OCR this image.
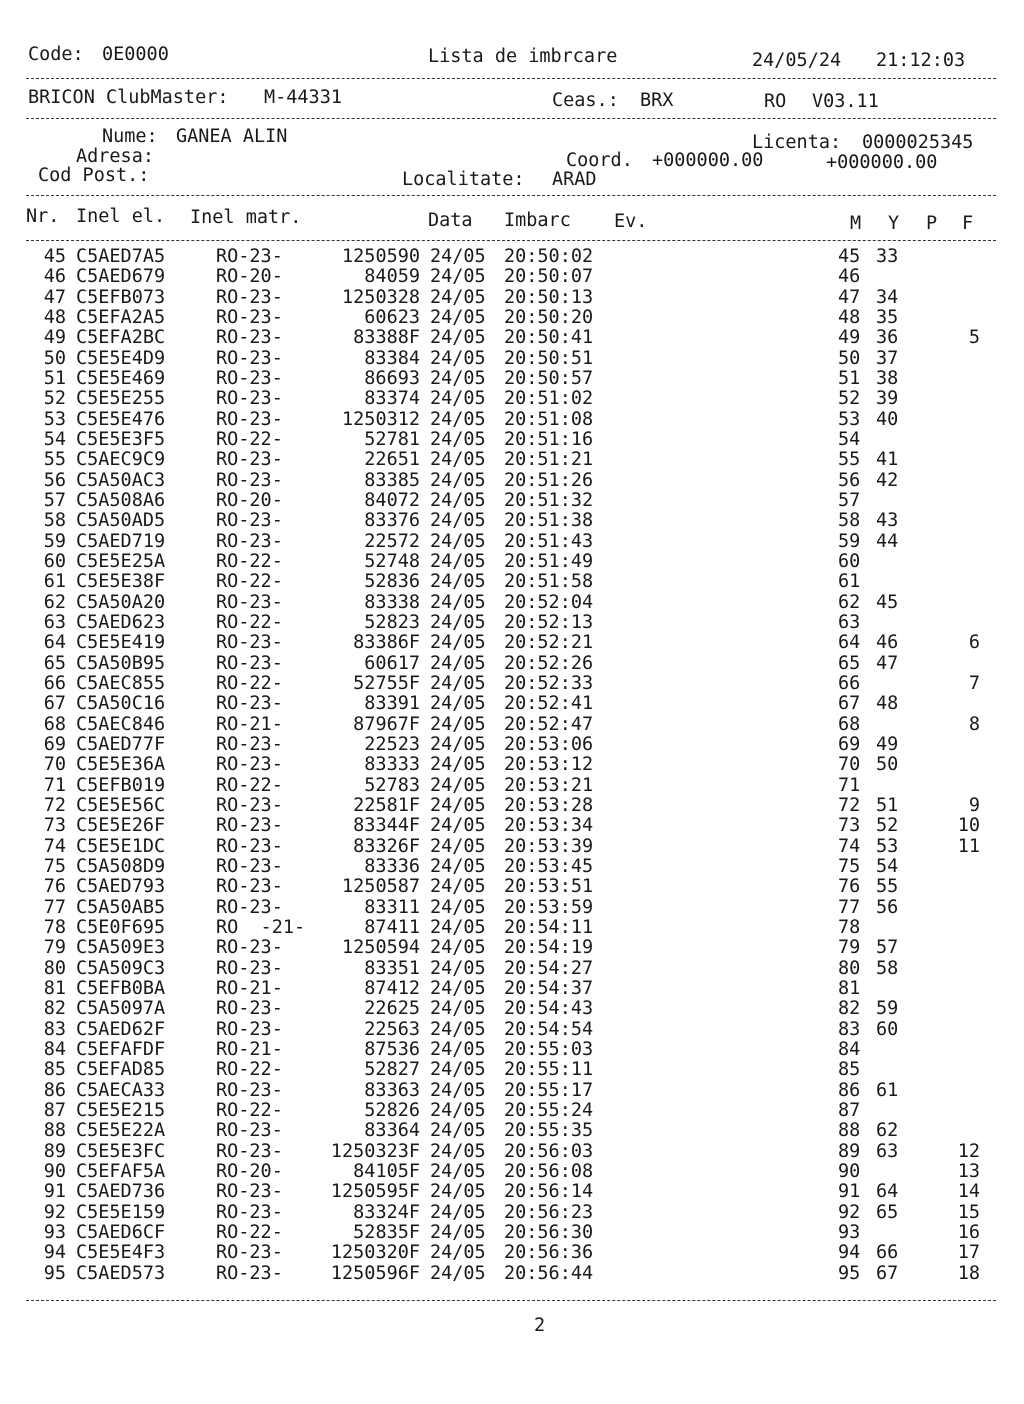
Code: 0E0000	Lista de imbrcare	24/05/24 21:12:03
BRICON ClubMaster: M-44331	Ceas.: BRX	RO V03.11
Nume: GANEA ALIN	Licenta: 0000025345
Adresa:	Coord. +000000.00	+000000.00
Cod Post.:	Localitate: ARAD
Nr. Inel el. Inel matr.	Data Imbarc Ev.	M Y P F
45 C5AED7A5	RO-23-	1250590 24/05 20:50:02	45 33
46 C5AED679	RO-20-	84059 24/05 20:50:07	46
47 C5EFB073	RO-23-	1250328 24/05 20:50:13	47 34
48 C5EFA2A5	RO-23-	60623 24/05 20:50:20	48 35
49 C5EFA2BC	RO-23-	83388F 24/05 20:50:41	49 36	5
50 C5E5E4D9	RO-23-	83384 24/05 20:50:51	50 37
51 C5E5E469	RO-23-	86693 24/05 20:50:57	51 38
52 C5E5E255	RO-23-	83374 24/05 20:51:02	52 39
53 C5E5E476	RO-23-	1250312 24/05 20:51:08	53 40
54 C5E5E3F5	RO-22-	52781 24/05 20:51:16	54
55 C5AEC9C9	RO-23-	22651 24/05 20:51:21	55 41
56 C5A50AC3	RO-23-	83385 24/05 20:51:26	56 42
57 C5A508A6	RO-20-	84072 24/05 20:51:32	57
58 C5A50AD5	RO-23-	83376 24/05 20:51:38	58 43
59 C5AED719	RO-23-	22572 24/05 20:51:43	59 44
60 C5E5E25A	RO-22-	52748 24/05 20:51:49	60
61 C5E5E38F	RO-22-	52836 24/05 20:51:58	61
62 C5A50A20	RO-23-	83338 24/05 20:52:04	62 45
63 C5AED623	RO-22-	52823 24/05 20:52:13	63
64 C5E5E419	RO-23-	83386F 24/05 20:52:21	64 46	6
65 C5A50B95	RO-23-	60617 24/05 20:52:26	65 47
66 C5AEC855	RO-22-	52755F 24/05 20:52:33	66	7
67 C5A50C16	RO-23-	83391 24/05 20:52:41	67 48
68 C5AEC846	RO-21-	87967F 24/05 20:52:47	68	8
69 C5AED77F	RO-23-	22523 24/05 20:53:06	69 49
70 C5E5E36A	RO-23-	83333 24/05 20:53:12	70 50
71 C5EFB019	RO-22-	52783 24/05 20:53:21	71
72 C5E5E56C	RO-23-	22581F 24/05 20:53:28	72 51	9
73 C5E5E26F	RO-23-	83344F 24/05 20:53:34	73 52	10
74 C5E5E1DC	RO-23-	83326F 24/05 20:53:39	74 53	11
75 C5A508D9	RO-23-	83336 24/05 20:53:45	75 54
76 C5AED793	RO-23-	1250587 24/05 20:53:51	76 55
77 C5A50AB5	RO-23-	83311 24/05 20:53:59	77 56
78 C5E0F695	RO  -21-	87411 24/05 20:54:11	78
79 C5A509E3	RO-23-	1250594 24/05 20:54:19	79 57
80 C5A509C3	RO-23-	83351 24/05 20:54:27	80 58
81 C5EFB0BA	RO-21-	87412 24/05 20:54:37	81
82 C5A5097A	RO-23-	22625 24/05 20:54:43	82 59
83 C5AED62F	RO-23-	22563 24/05 20:54:54	83 60
84 C5EFAFDF	RO-21-	87536 24/05 20:55:03	84
85 C5EFAD85	RO-22-	52827 24/05 20:55:11	85
86 C5AECA33	RO-23-	83363 24/05 20:55:17	86 61
87 C5E5E215	RO-22-	52826 24/05 20:55:24	87
88 C5E5E22A	RO-23-	83364 24/05 20:55:35	88 62
89 C5E5E3FC	RO-23-	1250323F 24/05 20:56:03	89 63	12
90 C5EFAF5A	RO-20-	84105F 24/05 20:56:08	90	13
91 C5AED736	RO-23-	1250595F 24/05 20:56:14	91 64	14
92 C5E5E159	RO-23-	83324F 24/05 20:56:23	92 65	15
93 C5AED6CF	RO-22-	52835F 24/05 20:56:30	93	16
94 C5E5E4F3	RO-23-	1250320F 24/05 20:56:36	94 66	17
95 C5AED573	RO-23-	1250596F 24/05 20:56:44	95 67	18
2
